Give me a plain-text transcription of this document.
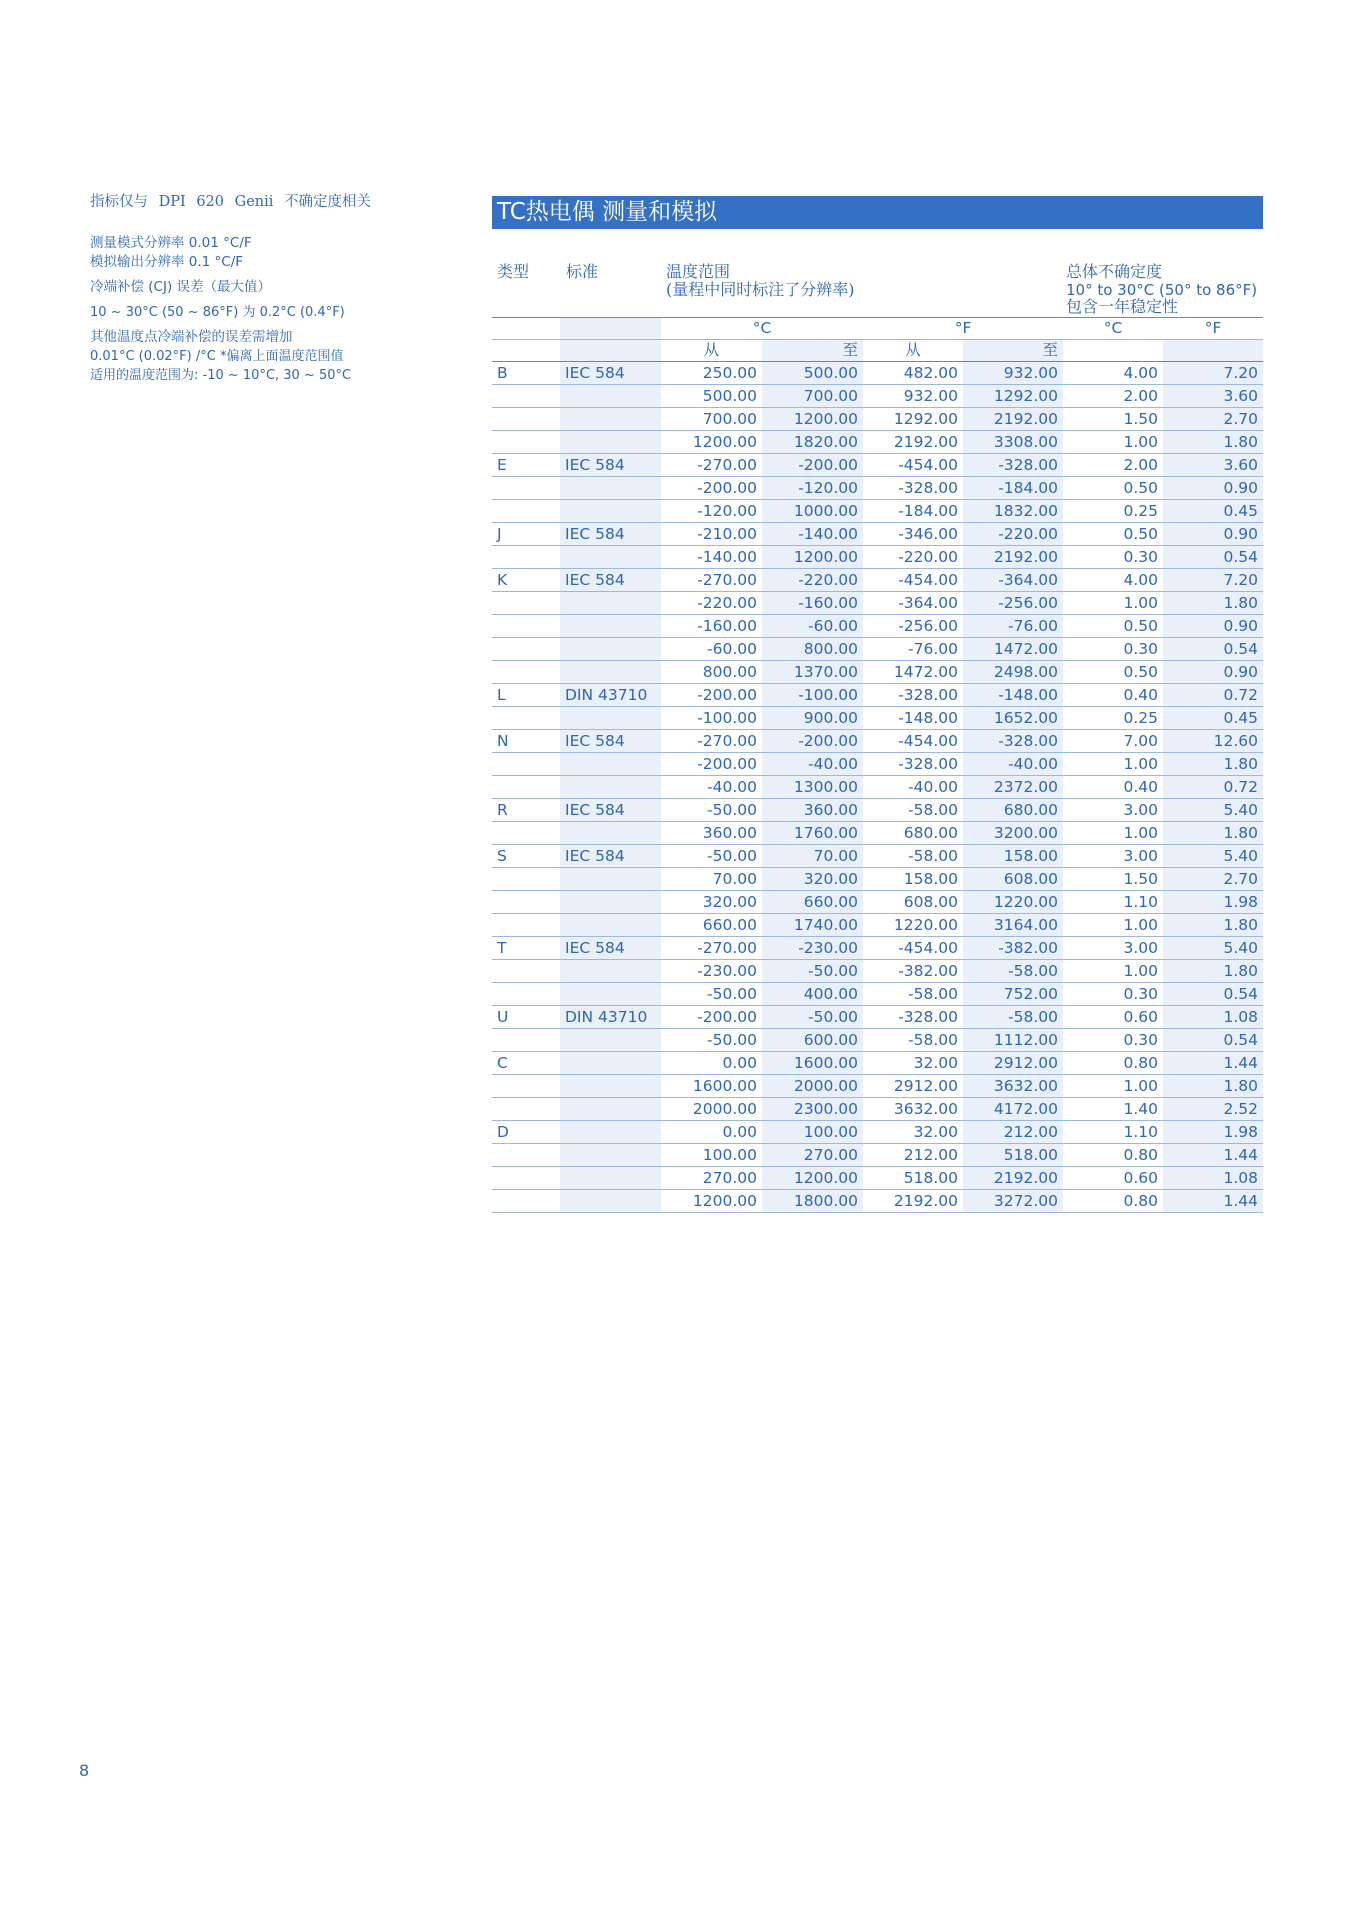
指标仅与 DPI 620 Genii 不确定度相关

测量模式分辨率 0.01 °C/F

模拟输出分辨率 0.1 °C/F

冷端补偿 (CJ) 误差（最大值）

10 ~ 30°C (50 ~ 86°F) 为 0.2°C (0.4°F)

其他温度点冷端补偿的误差需增加

0.01°C (0.02°F) /°C *偏离上面温度范围值

适用的温度范围为: -10 ~ 10°C, 30 ~ 50°C

TC热电偶 测量和模拟
类型 标准	温度范围
(量程中同时标注了分辨率)
总体不确定度
10° to 30°C (50° to 86°F)
包含一年稳定性
		°C		°F		°C	°F
		从	至	从	至		
B	IEC 584	250.00	500.00	482.00	932.00	4.00	7.20
		500.00	700.00	932.00	1292.00	2.00	3.60
		700.00	1200.00	1292.00	2192.00	1.50	2.70
		1200.00	1820.00	2192.00	3308.00	1.00	1.80
E	IEC 584	-270.00	-200.00	-454.00	-328.00	2.00	3.60
		-200.00	-120.00	-328.00	-184.00	0.50	0.90
		-120.00	1000.00	-184.00	1832.00	0.25	0.45
J	IEC 584	-210.00	-140.00	-346.00	-220.00	0.50	0.90
		-140.00	1200.00	-220.00	2192.00	0.30	0.54
K	IEC 584	-270.00	-220.00	-454.00	-364.00	4.00	7.20
		-220.00	-160.00	-364.00	-256.00	1.00	1.80
		-160.00	-60.00	-256.00	-76.00	0.50	0.90
		-60.00	800.00	-76.00	1472.00	0.30	0.54
		800.00	1370.00	1472.00	2498.00	0.50	0.90
L	DIN 43710	-200.00	-100.00	-328.00	-148.00	0.40	0.72
		-100.00	900.00	-148.00	1652.00	0.25	0.45
N	IEC 584	-270.00	-200.00	-454.00	-328.00	7.00	12.60
		-200.00	-40.00	-328.00	-40.00	1.00	1.80
		-40.00	1300.00	-40.00	2372.00	0.40	0.72
R	IEC 584	-50.00	360.00	-58.00	680.00	3.00	5.40
		360.00	1760.00	680.00	3200.00	1.00	1.80
S	IEC 584	-50.00	70.00	-58.00	158.00	3.00	5.40
		70.00	320.00	158.00	608.00	1.50	2.70
		320.00	660.00	608.00	1220.00	1.10	1.98
		660.00	1740.00	1220.00	3164.00	1.00	1.80
T	IEC 584	-270.00	-230.00	-454.00	-382.00	3.00	5.40
		-230.00	-50.00	-382.00	-58.00	1.00	1.80
		-50.00	400.00	-58.00	752.00	0.30	0.54
U	DIN 43710	-200.00	-50.00	-328.00	-58.00	0.60	1.08
		-50.00	600.00	-58.00	1112.00	0.30	0.54
C		0.00	1600.00	32.00	2912.00	0.80	1.44
		1600.00	2000.00	2912.00	3632.00	1.00	1.80
		2000.00	2300.00	3632.00	4172.00	1.40	2.52
D		0.00	100.00	32.00	212.00	1.10	1.98
		100.00	270.00	212.00	518.00	0.80	1.44
		270.00	1200.00	518.00	2192.00	0.60	1.08
		1200.00	1800.00	2192.00	3272.00	0.80	1.44
8
